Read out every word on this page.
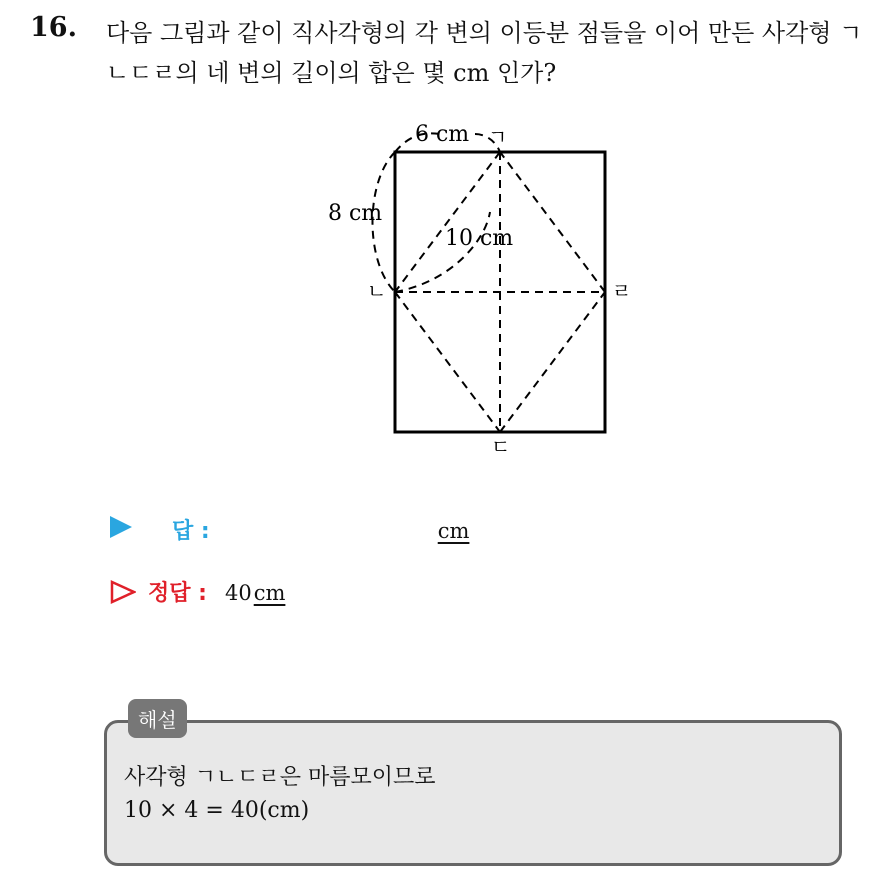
16. 다음 그림과 같이 직사각형의 각 변의 이등분 점들을 이어 만든 사각형 ㄱㄴㄷㄹ의 네 변의 길이의 합은 몇 cm 인가?
6 cm
8 cm
10 cm
ㄱ
ㄴ
ㄷ
ㄹ
답 :	cm
정답 : 40 cm
해설
사각형 ㄱㄴㄷㄹ은 마름모이므로
10 × 4 = 40(cm)
